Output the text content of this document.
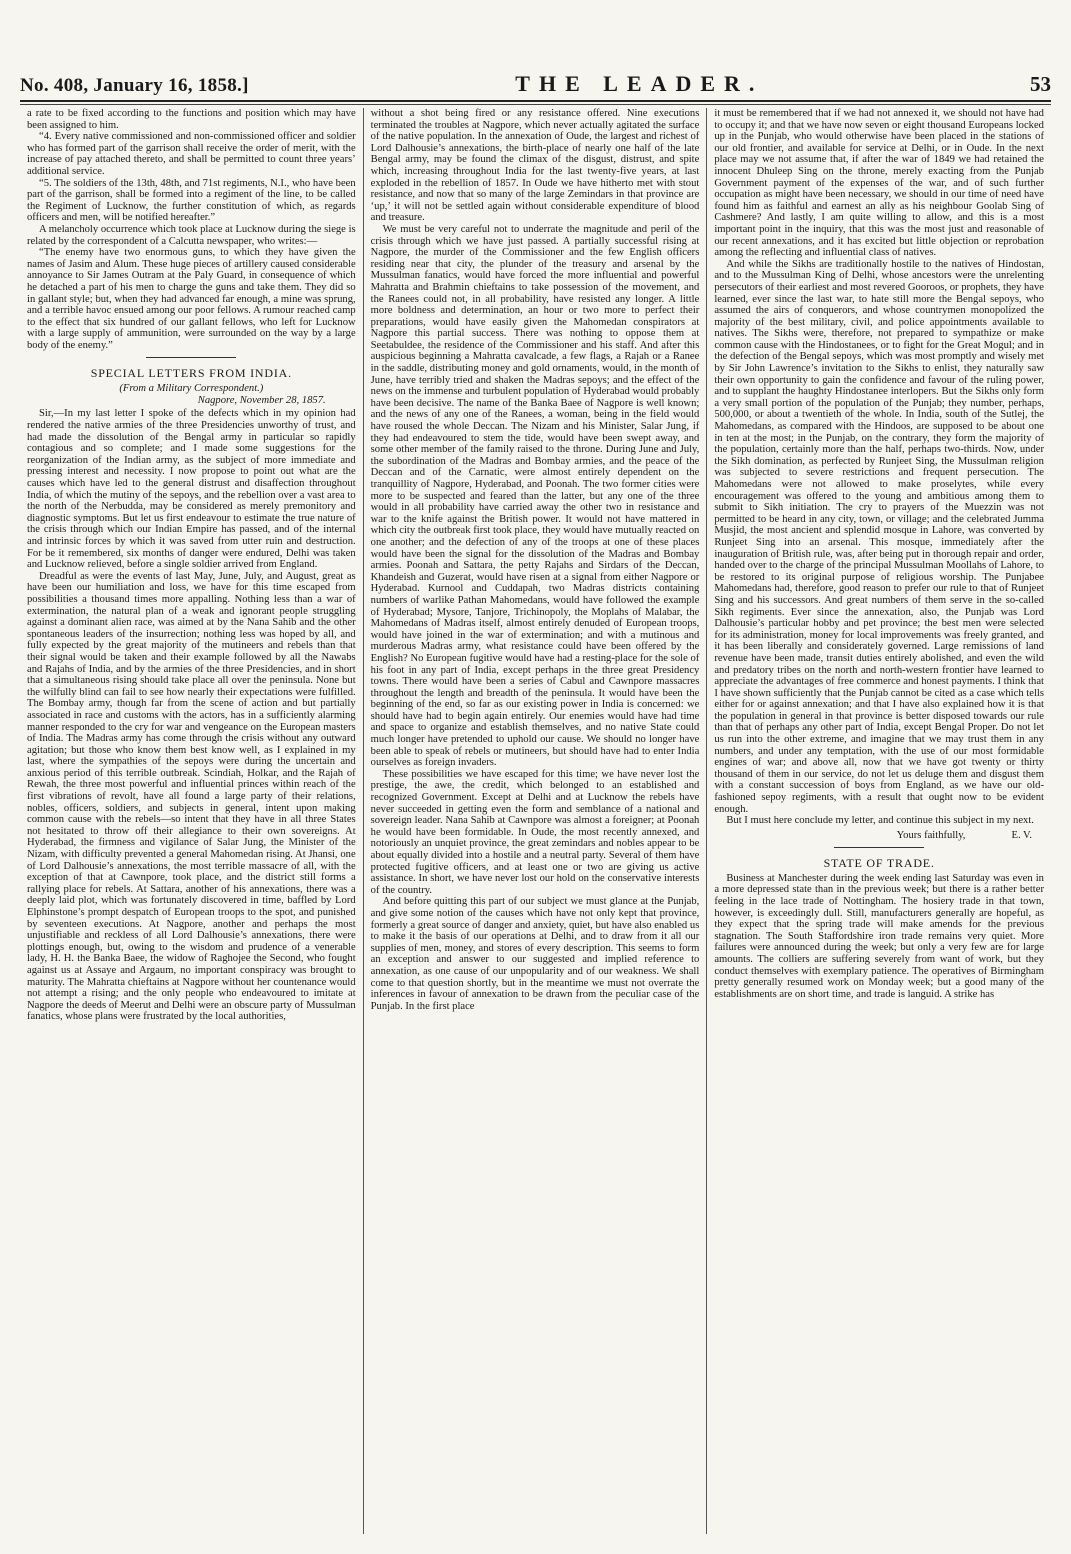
No. 408, January 16, 1858.]	THE LEADER.	53

a rate to be fixed according to the functions and position which may have been assigned to him.

“4. Every native commissioned and non-commissioned officer and soldier who has formed part of the garrison shall receive the order of merit, with the increase of pay attached thereto, and shall be permitted to count three years’ additional service.

“5. The soldiers of the 13th, 48th, and 71st regiments, N.I., who have been part of the garrison, shall be formed into a regiment of the line, to be called the Regiment of Lucknow, the further constitution of which, as regards officers and men, will be notified hereafter.”

A melancholy occurrence which took place at Lucknow during the siege is related by the correspondent of a Calcutta newspaper, who writes:—

“The enemy have two enormous guns, to which they have given the names of Jasim and Alum. These huge pieces of artillery caused considerable annoyance to Sir James Outram at the Paly Guard, in consequence of which he detached a part of his men to charge the guns and take them. They did so in gallant style; but, when they had advanced far enough, a mine was sprung, and a terrible havoc ensued among our poor fellows. A rumour reached camp to the effect that six hundred of our gallant fellows, who left for Lucknow with a large supply of ammunition, were surrounded on the way by a large body of the enemy.”

SPECIAL LETTERS FROM INDIA.
(From a Military Correspondent.)
Nagpore, November 28, 1857.

Sir,—In my last letter I spoke of the defects which in my opinion had rendered the native armies of the three Presidencies unworthy of trust, and had made the dissolution of the Bengal army in particular so rapidly contagious and so complete; and I made some suggestions for the reorganization of the Indian army, as the subject of more immediate and pressing interest and necessity. I now propose to point out what are the causes which have led to the general distrust and disaffection throughout India, of which the mutiny of the sepoys, and the rebellion over a vast area to the north of the Nerbudda, may be considered as merely premonitory and diagnostic symptoms. But let us first endeavour to estimate the true nature of the crisis through which our Indian Empire has passed, and of the internal and intrinsic forces by which it was saved from utter ruin and destruction. For be it remembered, six months of danger were endured, Delhi was taken and Lucknow relieved, before a single soldier arrived from England.

Dreadful as were the events of last May, June, July, and August, great as have been our humiliation and loss, we have for this time escaped from possibilities a thousand times more appalling. Nothing less than a war of extermination, the natural plan of a weak and ignorant people struggling against a dominant alien race, was aimed at by the Nana Sahib and the other spontaneous leaders of the insurrection; nothing less was hoped by all, and fully expected by the great majority of the mutineers and rebels than that their signal would be taken and their example followed by all the Nawabs and Rajahs of India, and by the armies of the three Presidencies, and in short that a simultaneous rising should take place all over the peninsula. None but the wilfully blind can fail to see how nearly their expectations were fulfilled. The Bombay army, though far from the scene of action and but partially associated in race and customs with the actors, has in a sufficiently alarming manner responded to the cry for war and vengeance on the European masters of India. The Madras army has come through the crisis without any outward agitation; but those who know them best know well, as I explained in my last, where the sympathies of the sepoys were during the uncertain and anxious period of this terrible outbreak. Scindiah, Holkar, and the Rajah of Rewah, the three most powerful and influential princes within reach of the first vibrations of revolt, have all found a large party of their relations, nobles, officers, soldiers, and subjects in general, intent upon making common cause with the rebels—so intent that they have in all three States not hesitated to throw off their allegiance to their own sovereigns. At Hyderabad, the firmness and vigilance of Salar Jung, the Minister of the Nizam, with difficulty prevented a general Mahomedan rising. At Jhansi, one of Lord Dalhousie’s annexations, the most terrible massacre of all, with the exception of that at Cawnpore, took place, and the district still forms a rallying place for rebels. At Sattara, another of his annexations, there was a deeply laid plot, which was fortunately discovered in time, baffled by Lord Elphinstone’s prompt despatch of European troops to the spot, and punished by seventeen executions. At Nagpore, another and perhaps the most unjustifiable and reckless of all Lord Dalhousie’s annexations, there were plottings enough, but, owing to the wisdom and prudence of a venerable lady, H. H. the Banka Baee, the widow of Raghojee the Second, who fought against us at Assaye and Argaum, no important conspiracy was brought to maturity. The Mahratta chieftains at Nagpore without her countenance would not attempt a rising; and the only people who endeavoured to imitate at Nagpore the deeds of Meerut and Delhi were an obscure party of Mussulman fanatics, whose plans were frustrated by the local authorities,

without a shot being fired or any resistance offered. Nine executions terminated the troubles at Nagpore, which never actually agitated the surface of the native population. In the annexation of Oude, the largest and richest of Lord Dalhousie’s annexations, the birth-place of nearly one half of the late Bengal army, may be found the climax of the disgust, distrust, and spite which, increasing throughout India for the last twenty-five years, at last exploded in the rebellion of 1857. In Oude we have hitherto met with stout resistance, and now that so many of the large Zemindars in that province are ‘up,’ it will not be settled again without considerable expenditure of blood and treasure.

We must be very careful not to underrate the magnitude and peril of the crisis through which we have just passed. A partially successful rising at Nagpore, the murder of the Commissioner and the few English officers residing near that city, the plunder of the treasury and arsenal by the Mussulman fanatics, would have forced the more influential and powerful Mahratta and Brahmin chieftains to take possession of the movement, and the Ranees could not, in all probability, have resisted any longer. A little more boldness and determination, an hour or two more to perfect their preparations, would have easily given the Mahomedan conspirators at Nagpore this partial success. There was nothing to oppose them at Seetabuldee, the residence of the Commissioner and his staff. And after this auspicious beginning a Mahratta cavalcade, a few flags, a Rajah or a Ranee in the saddle, distributing money and gold ornaments, would, in the month of June, have terribly tried and shaken the Madras sepoys; and the effect of the news on the immense and turbulent population of Hyderabad would probably have been decisive. The name of the Banka Baee of Nagpore is well known; and the news of any one of the Ranees, a woman, being in the field would have roused the whole Deccan. The Nizam and his Minister, Salar Jung, if they had endeavoured to stem the tide, would have been swept away, and some other member of the family raised to the throne. During June and July, the subordination of the Madras and Bombay armies, and the peace of the Deccan and of the Carnatic, were almost entirely dependent on the tranquillity of Nagpore, Hyderabad, and Poonah. The two former cities were more to be suspected and feared than the latter, but any one of the three would in all probability have carried away the other two in resistance and war to the knife against the British power. It would not have mattered in which city the outbreak first took place, they would have mutually reacted on one another; and the defection of any of the troops at one of these places would have been the signal for the dissolution of the Madras and Bombay armies. Poonah and Sattara, the petty Rajahs and Sirdars of the Deccan, Khandeish and Guzerat, would have risen at a signal from either Nagpore or Hyderabad. Kurnool and Cuddapah, two Madras districts containing numbers of warlike Pathan Mahomedans, would have followed the example of Hyderabad; Mysore, Tanjore, Trichinopoly, the Moplahs of Malabar, the Mahomedans of Madras itself, almost entirely denuded of European troops, would have joined in the war of extermination; and with a mutinous and murderous Madras army, what resistance could have been offered by the English? No European fugitive would have had a resting-place for the sole of his foot in any part of India, except perhaps in the three great Presidency towns. There would have been a series of Cabul and Cawnpore massacres throughout the length and breadth of the peninsula. It would have been the beginning of the end, so far as our existing power in India is concerned: we should have had to begin again entirely. Our enemies would have had time and space to organize and establish themselves, and no native State could much longer have pretended to uphold our cause. We should no longer have been able to speak of rebels or mutineers, but should have had to enter India ourselves as foreign invaders.

These possibilities we have escaped for this time; we have never lost the prestige, the awe, the credit, which belonged to an established and recognized Government. Except at Delhi and at Lucknow the rebels have never succeeded in getting even the form and semblance of a national and sovereign leader. Nana Sahib at Cawnpore was almost a foreigner; at Poonah he would have been formidable. In Oude, the most recently annexed, and notoriously an unquiet province, the great zemindars and nobles appear to be about equally divided into a hostile and a neutral party. Several of them have protected fugitive officers, and at least one or two are giving us active assistance. In short, we have never lost our hold on the conservative interests of the country.

And before quitting this part of our subject we must glance at the Punjab, and give some notion of the causes which have not only kept that province, formerly a great source of danger and anxiety, quiet, but have also enabled us to make it the basis of our operations at Delhi, and to draw from it all our supplies of men, money, and stores of every description. This seems to form an exception and answer to our suggested and implied reference to annexation, as one cause of our unpopularity and of our weakness. We shall come to that question shortly, but in the meantime we must not overrate the inferences in favour of annexation to be drawn from the peculiar case of the Punjab. In the first place

it must be remembered that if we had not annexed it, we should not have had to occupy it; and that we have now seven or eight thousand Europeans locked up in the Punjab, who would otherwise have been placed in the stations of our old frontier, and available for service at Delhi, or in Oude. In the next place may we not assume that, if after the war of 1849 we had retained the innocent Dhuleep Sing on the throne, merely exacting from the Punjab Government payment of the expenses of the war, and of such further occupation as might have been necessary, we should in our time of need have found him as faithful and earnest an ally as his neighbour Goolab Sing of Cashmere? And lastly, I am quite willing to allow, and this is a most important point in the inquiry, that this was the most just and reasonable of our recent annexations, and it has excited but little objection or reprobation among the reflecting and influential class of natives.

And while the Sikhs are traditionally hostile to the natives of Hindostan, and to the Mussulman King of Delhi, whose ancestors were the unrelenting persecutors of their earliest and most revered Gooroos, or prophets, they have learned, ever since the last war, to hate still more the Bengal sepoys, who assumed the airs of conquerors, and whose countrymen monopolized the majority of the best military, civil, and police appointments available to natives. The Sikhs were, therefore, not prepared to sympathize or make common cause with the Hindostanees, or to fight for the Great Mogul; and in the defection of the Bengal sepoys, which was most promptly and wisely met by Sir John Lawrence’s invitation to the Sikhs to enlist, they naturally saw their own opportunity to gain the confidence and favour of the ruling power, and to supplant the haughty Hindostanee interlopers. But the Sikhs only form a very small portion of the population of the Punjab; they number, perhaps, 500,000, or about a twentieth of the whole. In India, south of the Sutlej, the Mahomedans, as compared with the Hindoos, are supposed to be about one in ten at the most; in the Punjab, on the contrary, they form the majority of the population, certainly more than the half, perhaps two-thirds. Now, under the Sikh domination, as perfected by Runjeet Sing, the Mussulman religion was subjected to severe restrictions and frequent persecution. The Mahomedans were not allowed to make proselytes, while every encouragement was offered to the young and ambitious among them to submit to Sikh initiation. The cry to prayers of the Muezzin was not permitted to be heard in any city, town, or village; and the celebrated Jumma Musjid, the most ancient and splendid mosque in Lahore, was converted by Runjeet Sing into an arsenal. This mosque, immediately after the inauguration of British rule, was, after being put in thorough repair and order, handed over to the charge of the principal Mussulman Moollahs of Lahore, to be restored to its original purpose of religious worship. The Punjabee Mahomedans had, therefore, good reason to prefer our rule to that of Runjeet Sing and his successors. And great numbers of them serve in the so-called Sikh regiments. Ever since the annexation, also, the Punjab was Lord Dalhousie’s particular hobby and pet province; the best men were selected for its administration, money for local improvements was freely granted, and it has been liberally and considerately governed. Large remissions of land revenue have been made, transit duties entirely abolished, and even the wild and predatory tribes on the north and north-western frontier have learned to appreciate the advantages of free commerce and honest payments. I think that I have shown sufficiently that the Punjab cannot be cited as a case which tells either for or against annexation; and that I have also explained how it is that the population in general in that province is better disposed towards our rule than that of perhaps any other part of India, except Bengal Proper. Do not let us run into the other extreme, and imagine that we may trust them in any numbers, and under any temptation, with the use of our most formidable engines of war; and above all, now that we have got twenty or thirty thousand of them in our service, do not let us deluge them and disgust them with a constant succession of boys from England, as we have our old-fashioned sepoy regiments, with a result that ought now to be evident enough.

But I must here conclude my letter, and continue this subject in my next.

Yours faithfully,	E. V.
STATE OF TRADE.

Business at Manchester during the week ending last Saturday was even in a more depressed state than in the previous week; but there is a rather better feeling in the lace trade of Nottingham. The hosiery trade in that town, however, is exceedingly dull. Still, manufacturers generally are hopeful, as they expect that the spring trade will make amends for the previous stagnation. The South Staffordshire iron trade remains very quiet. More failures were announced during the week; but only a very few are for large amounts. The colliers are suffering severely from want of work, but they conduct themselves with exemplary patience. The operatives of Birmingham pretty generally resumed work on Monday week; but a good many of the establishments are on short time, and trade is languid. A strike has
